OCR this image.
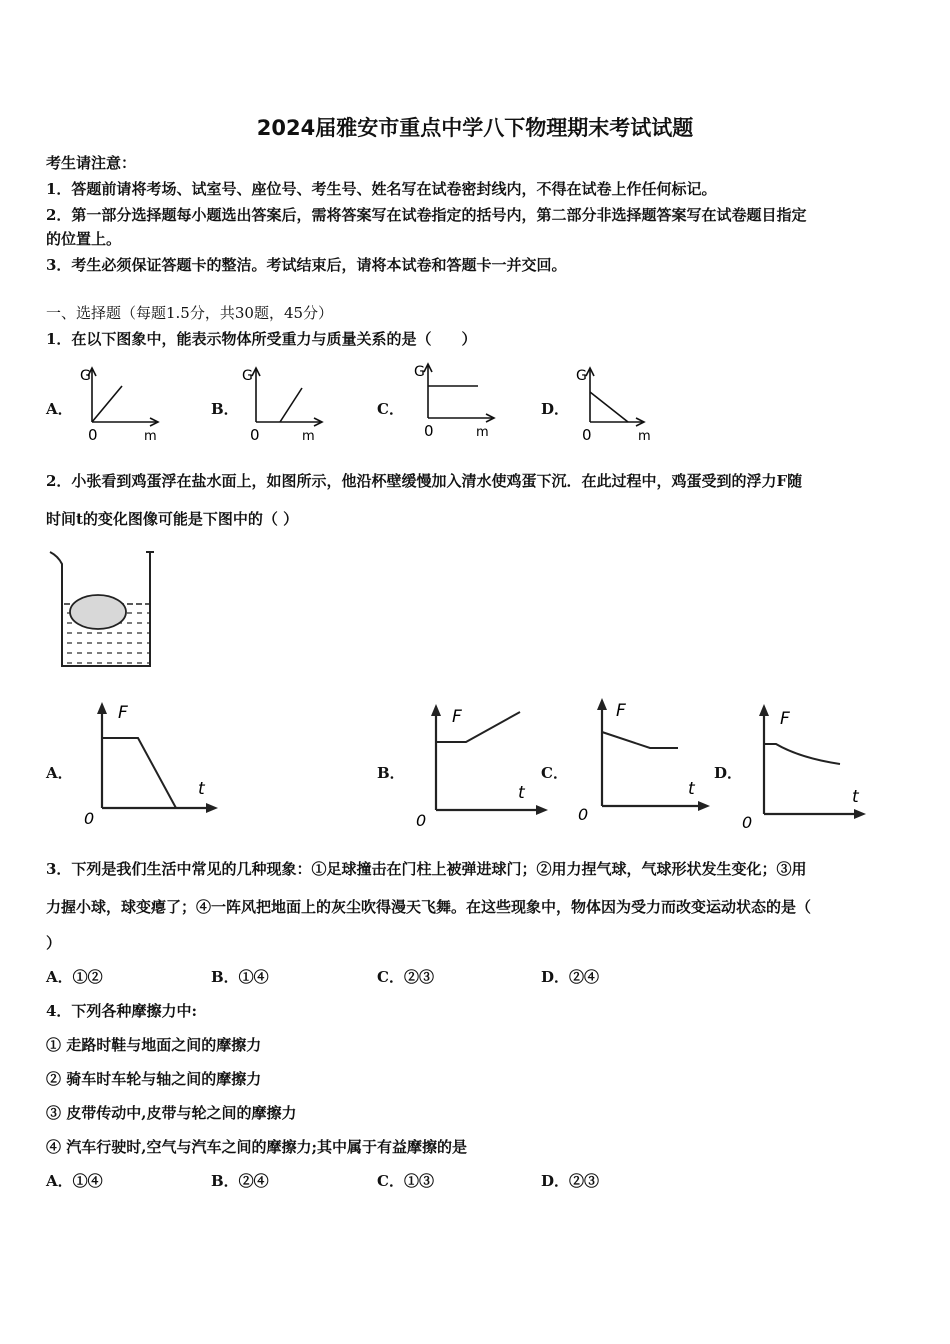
2024届雅安市重点中学八下物理期末考试试题
考生请注意：
1．答题前请将考场、试室号、座位号、考生号、姓名写在试卷密封线内，不得在试卷上作任何标记。
2．第一部分选择题每小题选出答案后，需将答案写在试卷指定的括号内，第二部分非选择题答案写在试卷题目指定
的位置上。
3．考生必须保证答题卡的整洁。考试结束后，请将本试卷和答题卡一并交回。
一、选择题（每题1.5分，共30题，45分）
1．在以下图象中，能表示物体所受重力与质量关系的是（　　）
A．	B．	C．	D．
G
0	m
G
0	m
G
0	m
G
0	m
2．小张看到鸡蛋浮在盐水面上，如图所示，他沿杯壁缓慢加入清水使鸡蛋下沉．在此过程中，鸡蛋受到的浮力F随
时间t的变化图像可能是下图中的（ ）
A．	B．	C．	D．
F
0
t
F
0
t
F
0
t
F
0
t
3．下列是我们生活中常见的几种现象：①足球撞击在门柱上被弹进球门；②用力捏气球，气球形状发生变化；③用
力握小球，球变瘪了；④一阵风把地面上的灰尘吹得漫天飞舞。在这些现象中，物体因为受力而改变运动状态的是（
）
A．①②	B．①④	C．②③	D．②④
4．下列各种摩擦力中:
① 走路时鞋与地面之间的摩擦力
② 骑车时车轮与轴之间的摩擦力
③ 皮带传动中,皮带与轮之间的摩擦力
④ 汽车行驶时,空气与汽车之间的摩擦力;其中属于有益摩擦的是
A．①④	B．②④	C．①③	D．②③
